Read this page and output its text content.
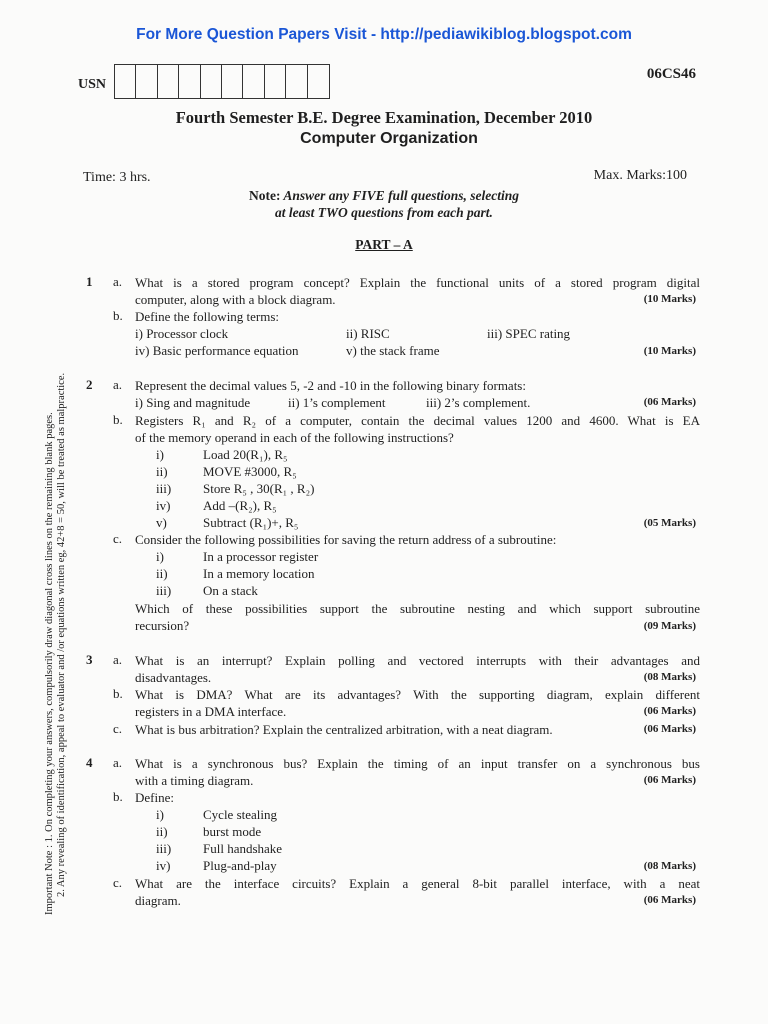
For More Question Papers Visit - http://pediawikiblog.blogspot.com
USN
06CS46
Fourth Semester B.E. Degree Examination, December 2010
Computer Organization
Time: 3 hrs.	Max. Marks:100
Note: Answer any FIVE full questions, selecting
at least TWO questions from each part.
PART – A
Important Note : 1. On completing your answers, compulsorily draw diagonal cross lines on the remaining blank pages. 2. Any revealing of identification, appeal to evaluator and /or equations written eg, 42+8 = 50, will be treated as malpractice.
1 a. What is a stored program concept? Explain the functional units of a stored program digital
computer, along with a block diagram.	(10 Marks)
b. Define the following terms:
i) Processor clock	ii) RISC	iii) SPEC rating
iv) Basic performance equation	v) the stack frame	(10 Marks)
2 a. Represent the decimal values 5, -2 and -10 in the following binary formats:
i) Sing and magnitude	ii) 1’s complement	iii) 2’s complement.	(06 Marks)
b. Registers R₁ and R₂ of a computer, contain the decimal values 1200 and 4600. What is EA
of the memory operand in each of the following instructions?
i)	Load 20(R₁), R₅
ii)	MOVE #3000, R₅
iii) Store R₅ , 30(R₁ , R₂)
iv)	Add –(R₂), R₅
v)	Subtract (R₁)+, R₅	(05 Marks)
c. Consider the following possibilities for saving the return address of a subroutine:
i)	In a processor register
ii)	In a memory location
iii) On a stack
Which of these possibilities support the subroutine nesting and which support subroutine
recursion?	(09 Marks)
3 a. What is an interrupt? Explain polling and vectored interrupts with their advantages and
disadvantages.	(08 Marks)
b. What is DMA? What are its advantages? With the supporting diagram, explain different
registers in a DMA interface.	(06 Marks)
c. What is bus arbitration? Explain the centralized arbitration, with a neat diagram.	(06 Marks)
4 a. What is a synchronous bus? Explain the timing of an input transfer on a synchronous bus
with a timing diagram.	(06 Marks)
b. Define:
i)	Cycle stealing
ii)	burst mode
iii) Full handshake
iv)	Plug-and-play	(08 Marks)
c. What are the interface circuits? Explain a general 8-bit parallel interface, with a neat
diagram.	(06 Marks)
